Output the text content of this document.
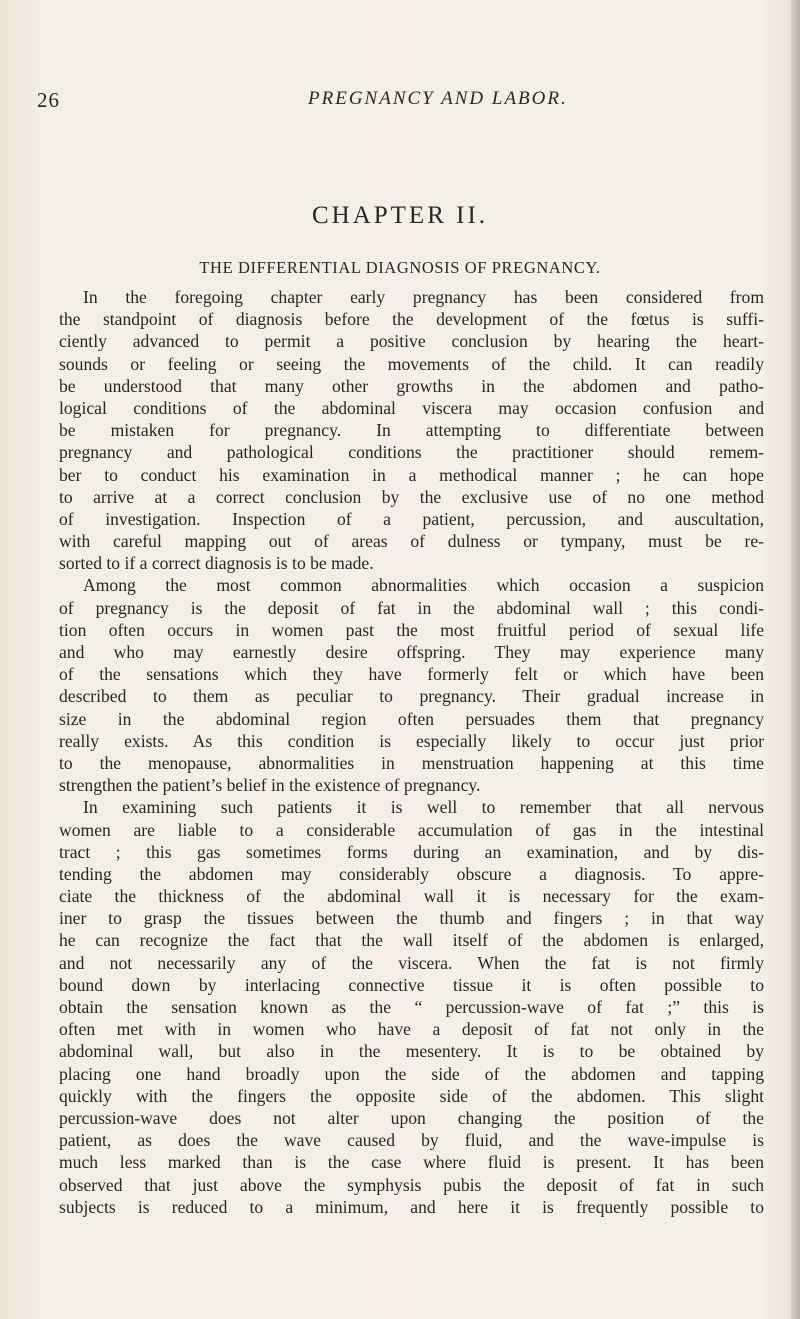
26	PREGNANCY AND LABOR.
CHAPTER II.
THE DIFFERENTIAL DIAGNOSIS OF PREGNANCY.
In the foregoing chapter early pregnancy has been considered from
the standpoint of diagnosis before the development of the fœtus is suffi-
ciently advanced to permit a positive conclusion by hearing the heart-
sounds or feeling or seeing the movements of the child. It can readily
be understood that many other growths in the abdomen and patho-
logical conditions of the abdominal viscera may occasion confusion and
be mistaken for pregnancy. In attempting to differentiate between
pregnancy and pathological conditions the practitioner should remem-
ber to conduct his examination in a methodical manner ; he can hope
to arrive at a correct conclusion by the exclusive use of no one method
of investigation. Inspection of a patient, percussion, and auscultation,
with careful mapping out of areas of dulness or tympany, must be re-
sorted to if a correct diagnosis is to be made.
Among the most common abnormalities which occasion a suspicion
of pregnancy is the deposit of fat in the abdominal wall ; this condi-
tion often occurs in women past the most fruitful period of sexual life
and who may earnestly desire offspring. They may experience many
of the sensations which they have formerly felt or which have been
described to them as peculiar to pregnancy. Their gradual increase in
size in the abdominal region often persuades them that pregnancy
really exists. As this condition is especially likely to occur just prior
to the menopause, abnormalities in menstruation happening at this time
strengthen the patient’s belief in the existence of pregnancy.
In examining such patients it is well to remember that all nervous
women are liable to a considerable accumulation of gas in the intestinal
tract ; this gas sometimes forms during an examination, and by dis-
tending the abdomen may considerably obscure a diagnosis. To appre-
ciate the thickness of the abdominal wall it is necessary for the exam-
iner to grasp the tissues between the thumb and fingers ; in that way
he can recognize the fact that the wall itself of the abdomen is enlarged,
and not necessarily any of the viscera. When the fat is not firmly
bound down by interlacing connective tissue it is often possible to
obtain the sensation known as the “ percussion-wave of fat ;” this is
often met with in women who have a deposit of fat not only in the
abdominal wall, but also in the mesentery. It is to be obtained by
placing one hand broadly upon the side of the abdomen and tapping
quickly with the fingers the opposite side of the abdomen. This slight
percussion-wave does not alter upon changing the position of the
patient, as does the wave caused by fluid, and the wave-impulse is
much less marked than is the case where fluid is present. It has been
observed that just above the symphysis pubis the deposit of fat in such
subjects is reduced to a minimum, and here it is frequently possible to
